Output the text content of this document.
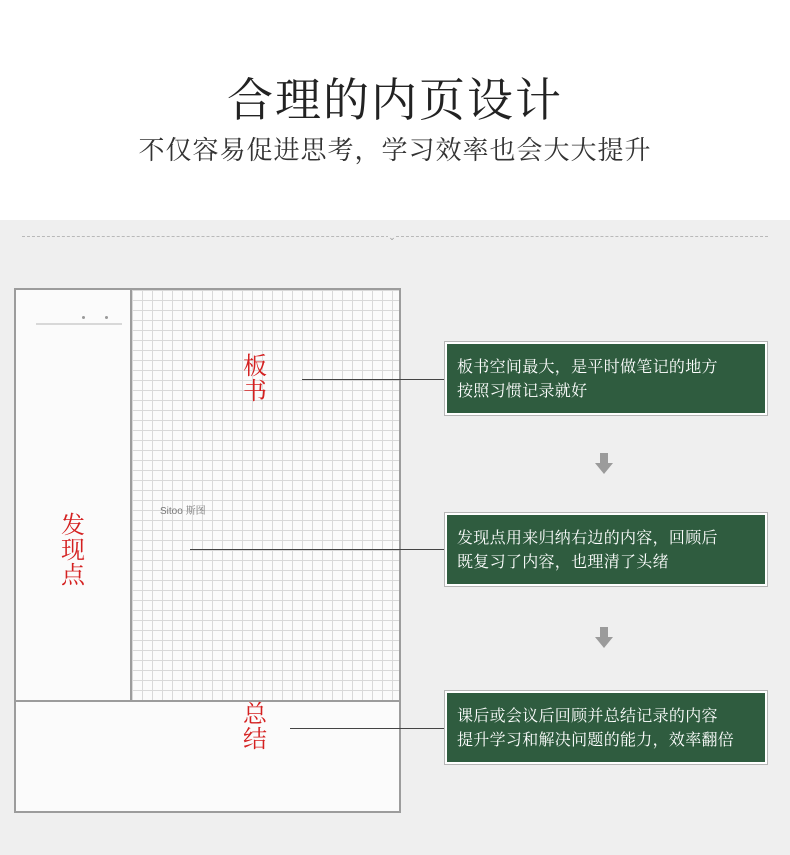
合理的内页设计
不仅容易促进思考，学习效率也会大大提升
⌄
Sitoo 斯图
板
书
发
现
点
总
结
板书空间最大，是平时做笔记的地方
按照习惯记录就好
发现点用来归纳右边的内容，回顾后
既复习了内容，也理清了头绪
课后或会议后回顾并总结记录的内容
提升学习和解决问题的能力，效率翻倍
